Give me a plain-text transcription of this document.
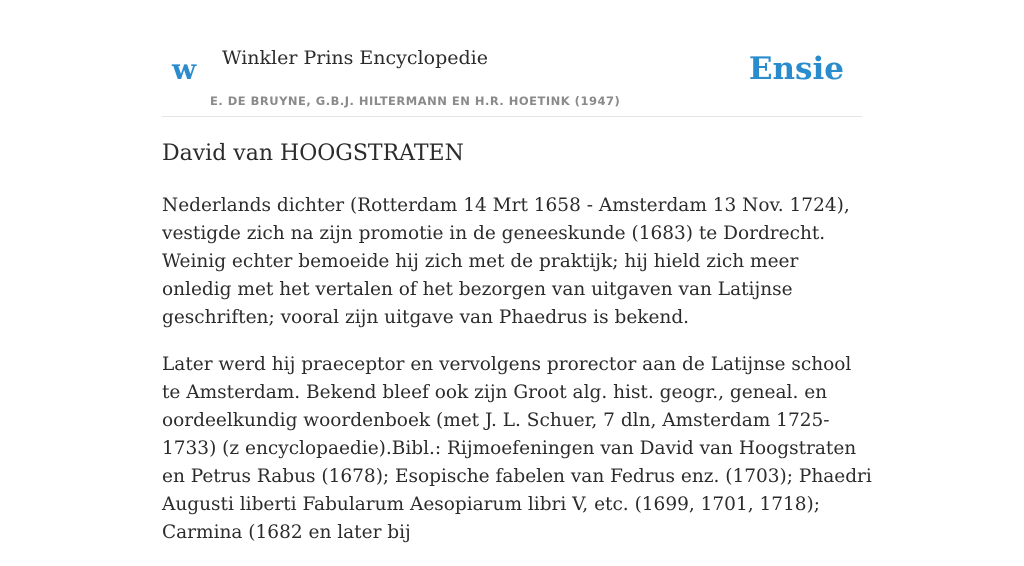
w Winkler Prins Encyclopedie
E. DE BRUYNE, G.B.J. HILTERMANN EN H.R. HOETINK (1947)
Ensie
David van HOOGSTRATEN

Nederlands dichter (Rotterdam 14 Mrt 1658 - Amsterdam 13 Nov. 1724), vestigde zich na zijn promotie in de geneeskunde (1683) te Dordrecht. Weinig echter bemoeide hij zich met de praktijk; hij hield zich meer onledig met het vertalen of het bezorgen van uitgaven van Latijnse geschriften; vooral zijn uitgave van Phaedrus is bekend.

Later werd hij praeceptor en vervolgens prorector aan de Latijnse school te Amsterdam. Bekend bleef ook zijn Groot alg. hist. geogr., geneal. en oordeelkundig woordenboek (met J. L. Schuer, 7 dln, Amsterdam 1725-1733) (z encyclopaedie).Bibl.: Rijmoefeningen van David van Hoogstraten en Petrus Rabus (1678); Esopische fabelen van Fedrus enz. (1703); Phaedri Augusti liberti Fabularum Aesopiarum libri V, etc. (1699, 1701, 1718); Carmina (1682 en later bij
